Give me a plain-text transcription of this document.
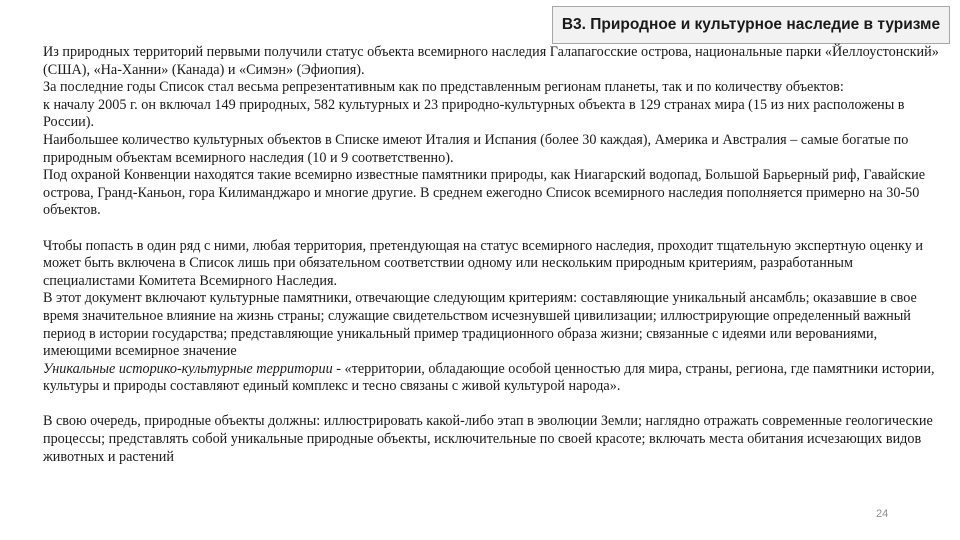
В3. Природное и культурное наследие в туризме

Из природных территорий первыми получили статус объекта всемирного наследия Галапагосские острова, национальные парки «Йеллоустонский» (США), «На-Ханни» (Канада) и «Симэн» (Эфиопия).

За последние годы Список стал весьма репрезентативным как по представленным регионам планеты, так и по количеству объектов:

к началу 2005 г. он включал 149 природных, 582 культурных и 23 природно-культурных объекта в 129 странах мира (15 из них расположены в России).

Наибольшее количество культурных объектов в Списке имеют Италия и Испания (более 30 каждая), Америка и Австралия – самые богатые по природным объектам всемирного наследия (10 и 9 соответственно).

Под охраной Конвенции находятся такие всемирно известные памятники природы, как Ниагарский водопад, Большой Барьерный риф, Гавайские острова, Гранд-Каньон, гора Килиманджаро и многие другие. В среднем ежегодно Список всемирного наследия пополняется примерно на 30-50 объектов.

Чтобы попасть в один ряд с ними, любая территория, претендующая на статус всемирного наследия, проходит тщательную экспертную оценку и может быть включена в Список лишь при обязательном соответствии одному или нескольким природным критериям, разработанным специалистами Комитета Всемирного Наследия.

В этот документ включают культурные памятники, отвечающие следующим критериям: составляющие уникальный ансамбль; оказавшие в свое время значительное влияние на жизнь страны; служащие свидетельством исчезнувшей цивилизации; иллюстрирующие определенный важный период в истории государства; представляющие уникальный пример традиционного образа жизни; связанные с идеями или верованиями, имеющими всемирное значение

Уникальные историко-культурные территории - «территории, обладающие особой ценностью для мира, страны, региона, где памятники истории, культуры и природы составляют единый комплекс и тесно связаны с живой культурой народа».

В свою очередь, природные объекты должны: иллюстрировать какой-либо этап в эволюции Земли; наглядно отражать современные геологические процессы; представлять собой уникальные природные объекты, исключительные по своей красоте; включать места обитания исчезающих видов животных и растений

24
